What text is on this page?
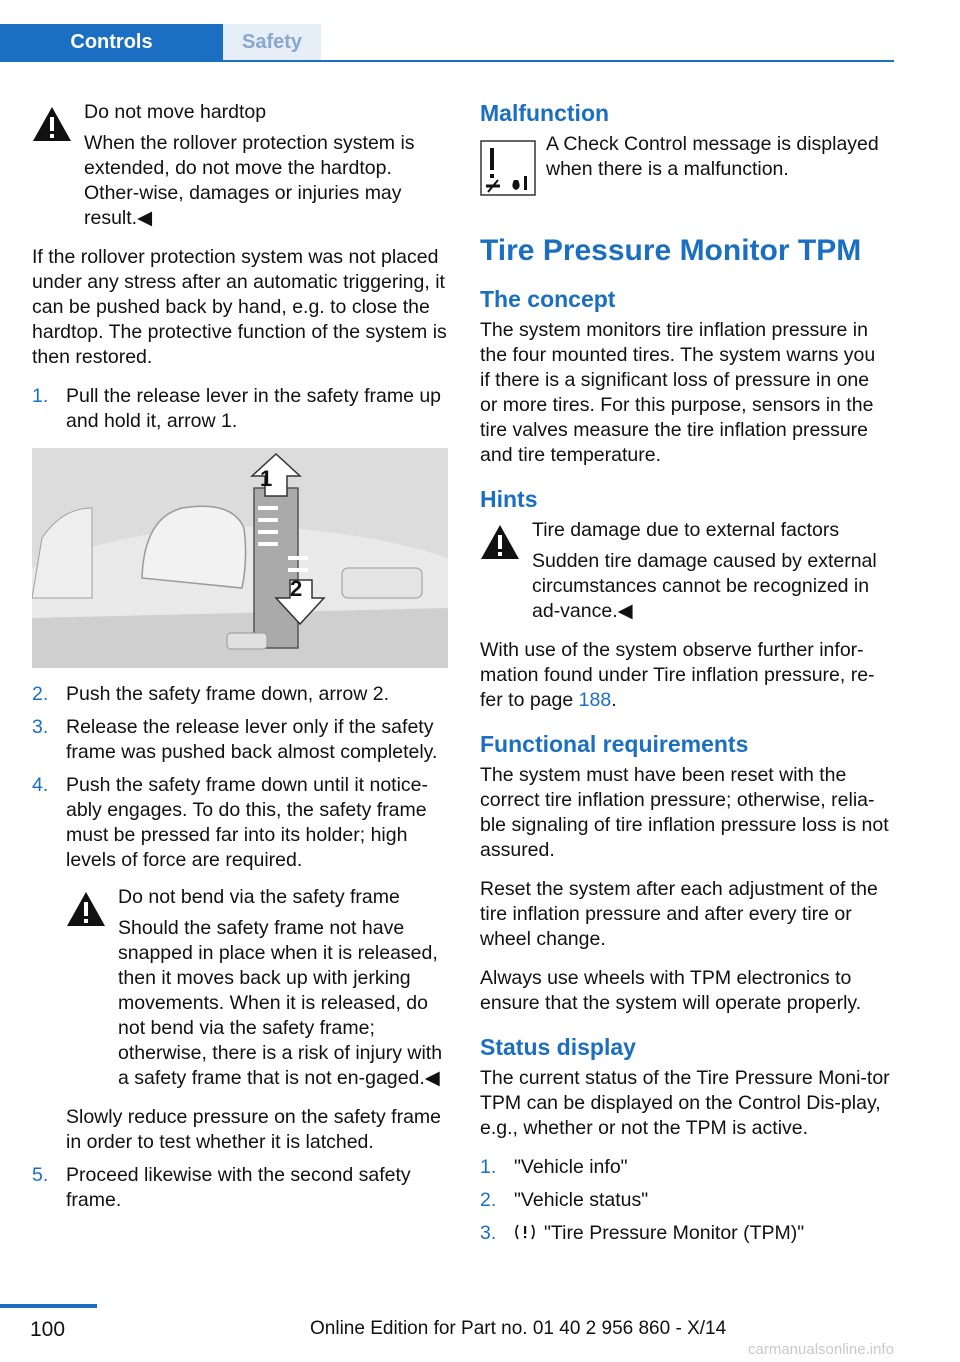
Controls	Safety
Do not move hardtop
When the rollover protection system is extended, do not move the hardtop. Other-wise, damages or injuries may result.◀

If the rollover protection system was not placed under any stress after an automatic triggering, it can be pushed back by hand, e.g. to close the hardtop. The protective function of the system is then restored.

1. Pull the release lever in the safety frame up and hold it, arrow 1.
1
2
2. Push the safety frame down, arrow 2.
3. Release the release lever only if the safety frame was pushed back almost completely.
4. Push the safety frame down until it notice-ably engages. To do this, the safety frame must be pressed far into its holder; high levels of force are required.
Do not bend via the safety frame
Should the safety frame not have snapped in place when it is released, then it moves back up with jerking movements. When it is released, do not bend via the safety frame; otherwise, there is a risk of injury with a safety frame that is not en-gaged.◀
Slowly reduce pressure on the safety frame in order to test whether it is latched.
5. Proceed likewise with the second safety frame.
Malfunction
A Check Control message is displayed when there is a malfunction.
Tire Pressure Monitor TPM
The concept

The system monitors tire inflation pressure in the four mounted tires. The system warns you if there is a significant loss of pressure in one or more tires. For this purpose, sensors in the tire valves measure the tire inflation pressure and tire temperature.

Hints
Tire damage due to external factors
Sudden tire damage caused by external circumstances cannot be recognized in ad-vance.◀

With use of the system observe further infor-mation found under Tire inflation pressure, re-fer to page 188.

Functional requirements

The system must have been reset with the correct tire inflation pressure; otherwise, relia-ble signaling of tire inflation pressure loss is not assured.

Reset the system after each adjustment of the tire inflation pressure and after every tire or wheel change.

Always use wheels with TPM electronics to ensure that the system will operate properly.

Status display

The current status of the Tire Pressure Moni-tor TPM can be displayed on the Control Dis-play, e.g., whether or not the TPM is active.

1. "Vehicle info"
2. "Vehicle status"
3. "Tire Pressure Monitor (TPM)"
100	Online Edition for Part no. 01 40 2 956 860 - X/14
carmanualsonline.info
